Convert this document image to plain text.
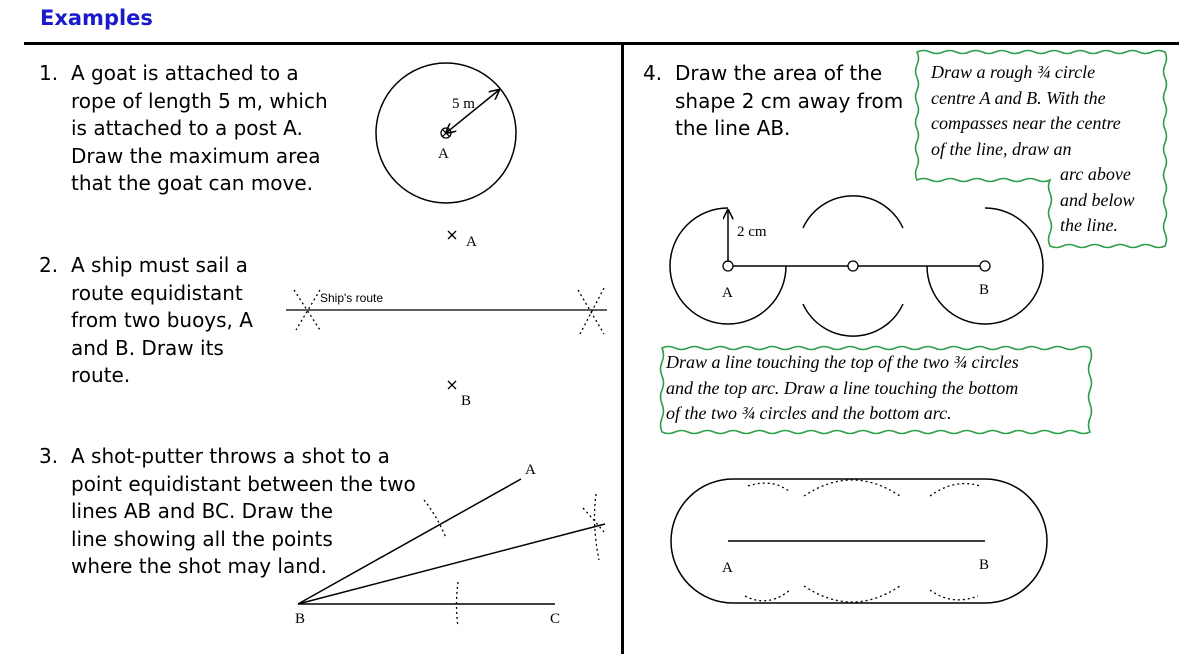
Examples
1. A goat is attached to a
rope of length 5 m, which
is attached to a post A.
Draw the maximum area
that the goat can move.
2. A ship must sail a
route equidistant
from two buoys, A
and B. Draw its
route.
3. A shot-putter throws a shot to a
point equidistant between the two
lines AB and BC. Draw the
line showing all the points
where the shot may land.
4. Draw the area of the
shape 2 cm away from
the line AB.
5 m
A
A
B
Ship's route
A
B	C
2 cm
A	B
A	B
Draw a rough ¾ circle
centre A and B. With the
compasses near the centre
of the line, draw an
arc above
and below
the line.
Draw a line touching the top of the two ¾ circles
and the top arc. Draw a line touching the bottom
of the two ¾ circles and the bottom arc.
